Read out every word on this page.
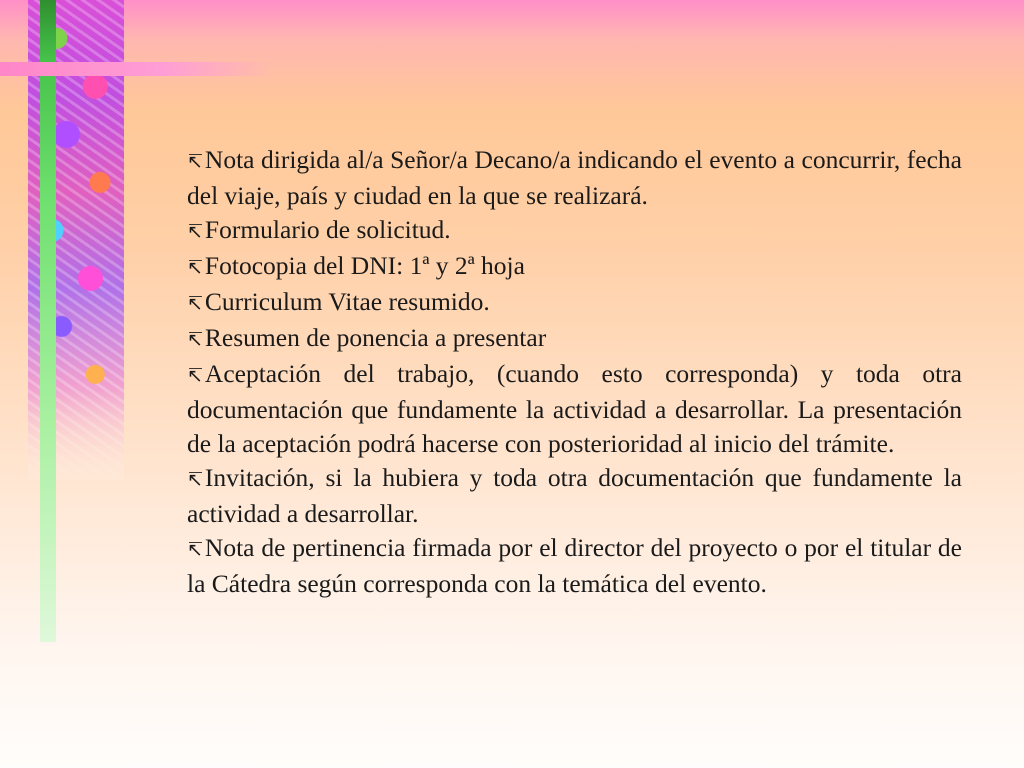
↸Nota dirigida al/a Señor/a Decano/a indicando el evento a concurrir, fecha del viaje, país y ciudad en la que se realizará.

↸Formulario de solicitud.

↸Fotocopia del DNI: 1ª y 2ª hoja

↸Curriculum Vitae resumido.

↸Resumen de ponencia a presentar

↸Aceptación del trabajo, (cuando esto corresponda) y toda otra documentación que fundamente la actividad a desarrollar. La presentación de la aceptación podrá hacerse con posterioridad al inicio del trámite.

↸Invitación, si la hubiera y toda otra documentación que fundamente la actividad a desarrollar.

↸Nota de pertinencia firmada por el director del proyecto o por el titular de la Cátedra según corresponda con la temática del evento.
